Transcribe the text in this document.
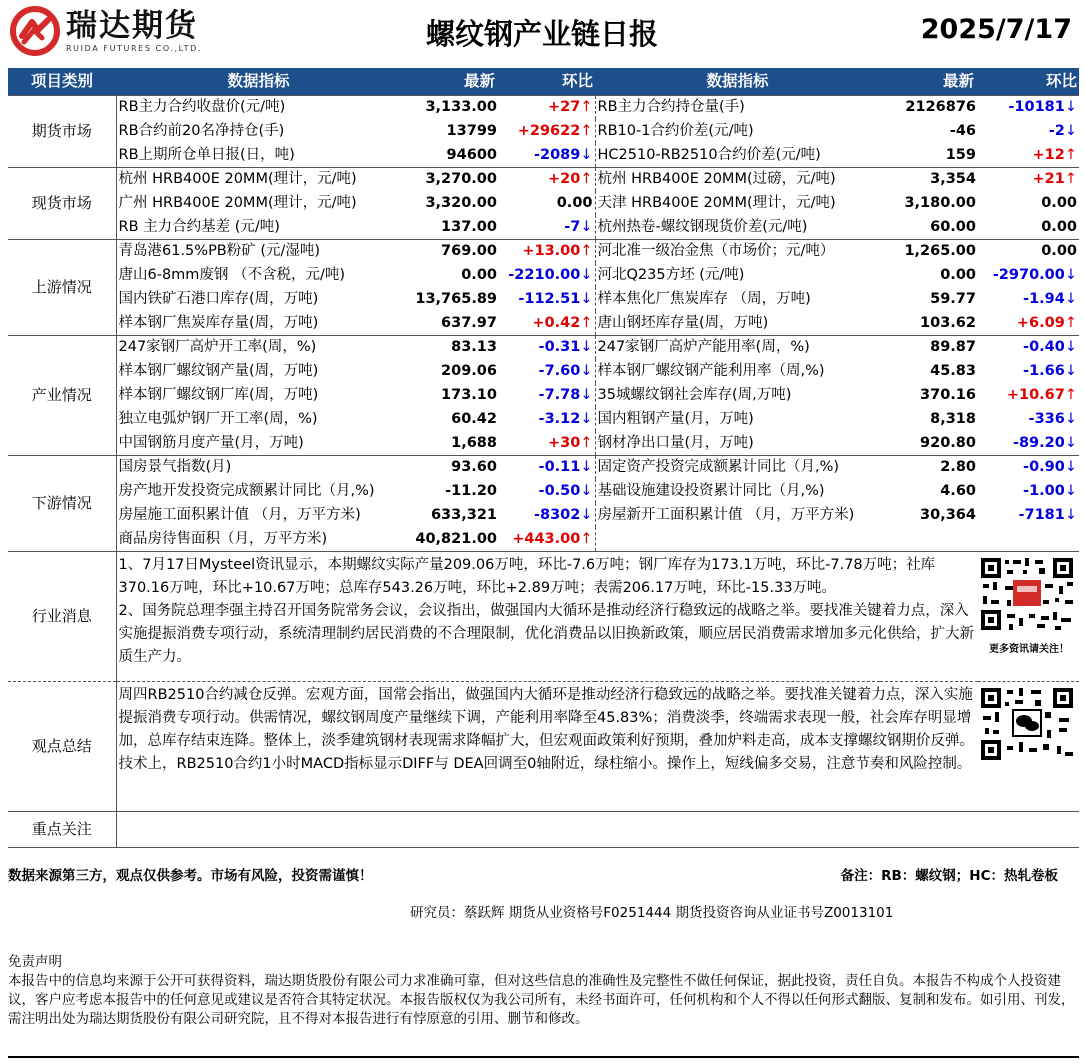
瑞达期货
RUIDA FUTURES CO.,LTD.	螺纹钢产业链日报	2025/7/17
项目类别	数据指标	最新	环比	数据指标	最新	环比
期货市场	RB主力合约收盘价(元/吨)	3,133.00	+27↑	RB主力合约持仓量(手)	2126876	-10181↓
	RB合约前20名净持仓(手)	13799	+29622↑	RB10-1合约价差(元/吨)	-46	-2↓
	RB上期所仓单日报(日，吨)	94600	-2089↓	HC2510-RB2510合约价差(元/吨)	159	+12↑
现货市场	杭州 HRB400E 20MM(理计，元/吨)	3,270.00	+20↑	杭州 HRB400E 20MM(过磅，元/吨)	3,354	+21↑
	广州 HRB400E 20MM(理计，元/吨)	3,320.00	0.00	天津 HRB400E 20MM(理计，元/吨)	3,180.00	0.00
	RB 主力合约基差 (元/吨)	137.00	-7↓	杭州热卷-螺纹钢现货价差(元/吨)	60.00	0.00
上游情况	青岛港61.5%PB粉矿 (元/湿吨)	769.00	+13.00↑	河北准一级冶金焦（市场价；元/吨）	1,265.00	0.00
	唐山6-8mm废钢 （不含税，元/吨)	0.00	-2210.00↓	河北Q235方坯 (元/吨)	0.00	-2970.00↓
	国内铁矿石港口库存(周，万吨)	13,765.89	-112.51↓	样本焦化厂焦炭库存 （周，万吨)	59.77	-1.94↓
	样本钢厂焦炭库存量(周，万吨)	637.97	+0.42↑	唐山钢坯库存量(周，万吨)	103.62	+6.09↑
产业情况	247家钢厂高炉开工率(周，%)	83.13	-0.31↓	247家钢厂高炉产能用率(周，%)	89.87	-0.40↓
	样本钢厂螺纹钢产量(周，万吨)	209.06	-7.60↓	样本钢厂螺纹钢产能利用率（周,%)	45.83	-1.66↓
	样本钢厂螺纹钢厂库(周，万吨)	173.10	-7.78↓	35城螺纹钢社会库存(周,万吨)	370.16	+10.67↑
	独立电弧炉钢厂开工率(周，%)	60.42	-3.12↓	国内粗钢产量(月，万吨)	8,318	-336↓
	中国钢筋月度产量(月，万吨)	1,688	+30↑	钢材净出口量(月，万吨)	920.80	-89.20↓
下游情况	国房景气指数(月)	93.60	-0.11↓	固定资产投资完成额累计同比（月,%)	2.80	-0.90↓
	房产地开发投资完成额累计同比（月,%)	-11.20	-0.50↓	基础设施建设投资累计同比（月,%)	4.60	-1.00↓
	房屋施工面积累计值 （月，万平方米)	633,321	-8302↓	房屋新开工面积累计值 （月，万平方米)	30,364	-7181↓
	商品房待售面积（月，万平方米)	40,821.00	+443.00↑			
行业消息	1、7月17日Mysteel资讯显示，本期螺纹实际产量209.06万吨，环比-7.6万吨；钢厂库存为173.1万吨，环比-7.78万吨；社库370.16万吨，环比+10.67万吨；总库存543.26万吨，环比+2.89万吨；表需206.17万吨，环比-15.33万吨。
2、国务院总理李强主持召开国务院常务会议，会议指出，做强国内大循环是推动经济行稳致远的战略之举。要找准关键着力点，深入实施提振消费专项行动，系统清理制约居民消费的不合理限制，优化消费品以旧换新政策，顺应居民消费需求增加多元化供给，扩大新质生产力。 更多资讯请关注！					

观点总结	周四RB2510合约减仓反弹。宏观方面，国常会指出，做强国内大循环是推动经济行稳致远的战略之举。要找准关键着力点，深入实施提振消费专项行动。供需情况，螺纹钢周度产量继续下调，产能利用率降至45.83%；消费淡季，终端需求表现一般，社会库存明显增加，总库存结束连降。整体上，淡季建筑钢材表现需求降幅扩大，但宏观面政策利好预期，叠加炉料走高，成本支撑螺纹钢期价反弹。技术上，RB2510合约1小时MACD指标显示DIFF与 DEA回调至0轴附近，绿柱缩小。操作上，短线偏多交易，注意节奏和风险控制。					

重点关注						
数据来源第三方，观点仅供参考。市场有风险，投资需谨慎！	备注：RB：螺纹钢；HC：热轧卷板
研究员：蔡跃辉 期货从业资格号F0251444 期货投资咨询从业证书号Z0013101
免责声明
本报告中的信息均来源于公开可获得资料，瑞达期货股份有限公司力求准确可靠，但对这些信息的准确性及完整性不做任何保证，据此投资，责任自负。本报告不构成个人投资建议，客户应考虑本报告中的任何意见或建议是否符合其特定状况。本报告版权仅为我公司所有，未经书面许可，任何机构和个人不得以任何形式翻版、复制和发布。如引用、刊发，需注明出处为瑞达期货股份有限公司研究院，且不得对本报告进行有悖原意的引用、删节和修改。
